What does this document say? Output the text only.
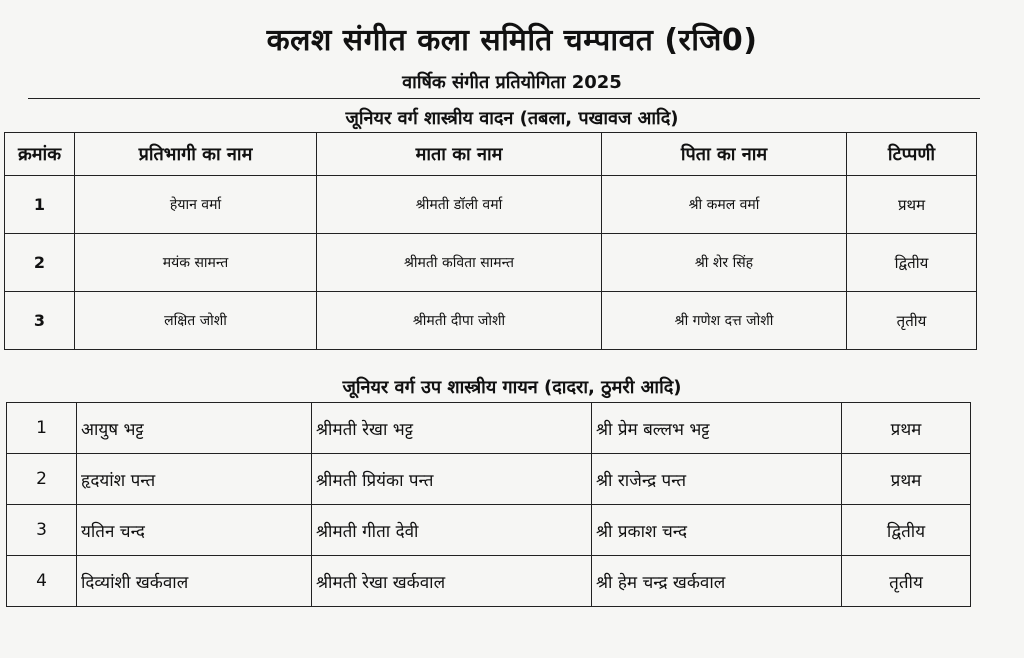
कलश संगीत कला समिति चम्पावत (रजि0)
वार्षिक संगीत प्रतियोगिता 2025
जूनियर वर्ग शास्त्रीय वादन (तबला, पखावज आदि)
क्रमांक	प्रतिभागी का नाम	माता का नाम	पिता का नाम	टिप्पणी
1	हेयान वर्मा	श्रीमती डॉली वर्मा	श्री कमल वर्मा	प्रथम
2	मयंक सामन्त	श्रीमती कविता सामन्त	श्री शेर सिंह	द्वितीय
3	लक्षित जोशी	श्रीमती दीपा जोशी	श्री गणेश दत्त जोशी	तृतीय
जूनियर वर्ग उप शास्त्रीय गायन (दादरा, ठुमरी आदि)
1	आयुष भट्ट	श्रीमती रेखा भट्ट	श्री प्रेम बल्लभ भट्ट	प्रथम
2	हृदयांश पन्त	श्रीमती प्रियंका पन्त	श्री राजेन्द्र पन्त	प्रथम
3	यतिन चन्द	श्रीमती गीता देवी	श्री प्रकाश चन्द	द्वितीय
4	दिव्यांशी खर्कवाल	श्रीमती रेखा खर्कवाल	श्री हेम चन्द्र खर्कवाल	तृतीय
